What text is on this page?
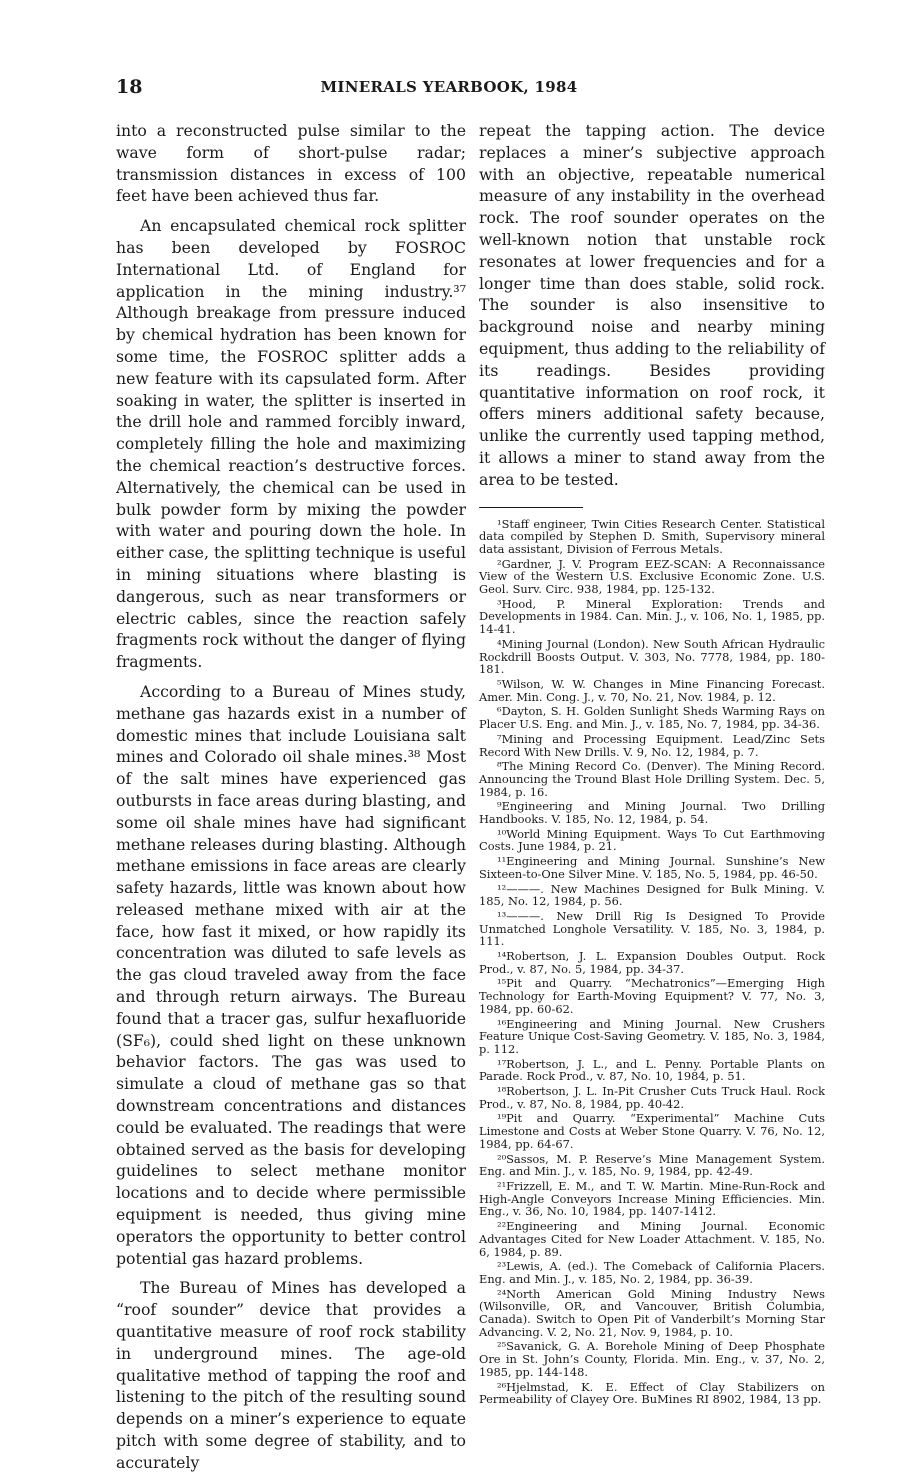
18	MINERALS YEARBOOK, 1984

into a reconstructed pulse similar to the wave form of short-pulse radar; transmission distances in excess of 100 feet have been achieved thus far.

An encapsulated chemical rock splitter has been developed by FOSROC International Ltd. of England for application in the mining industry.³⁷ Although breakage from pressure induced by chemical hydration has been known for some time, the FOSROC splitter adds a new feature with its capsulated form. After soaking in water, the splitter is inserted in the drill hole and rammed forcibly inward, completely filling the hole and maximizing the chemical reaction’s destructive forces. Alternatively, the chemical can be used in bulk powder form by mixing the powder with water and pouring down the hole. In either case, the splitting technique is useful in mining situations where blasting is dangerous, such as near transformers or electric cables, since the reaction safely fragments rock without the danger of flying fragments.

According to a Bureau of Mines study, methane gas hazards exist in a number of domestic mines that include Louisiana salt mines and Colorado oil shale mines.³⁸ Most of the salt mines have experienced gas outbursts in face areas during blasting, and some oil shale mines have had significant methane releases during blasting. Although methane emissions in face areas are clearly safety hazards, little was known about how released methane mixed with air at the face, how fast it mixed, or how rapidly its concentration was diluted to safe levels as the gas cloud traveled away from the face and through return airways. The Bureau found that a tracer gas, sulfur hexafluoride (SF₆), could shed light on these unknown behavior factors. The gas was used to simulate a cloud of methane gas so that downstream concentrations and distances could be evaluated. The readings that were obtained served as the basis for developing guidelines to select methane monitor locations and to decide where permissible equipment is needed, thus giving mine operators the opportunity to better control potential gas hazard problems.

The Bureau of Mines has developed a “roof sounder” device that provides a quantitative measure of roof rock stability in underground mines. The age-old qualitative method of tapping the roof and listening to the pitch of the resulting sound depends on a miner’s experience to equate pitch with some degree of stability, and to accurately

repeat the tapping action. The device replaces a miner’s subjective approach with an objective, repeatable numerical measure of any instability in the overhead rock. The roof sounder operates on the well-known notion that unstable rock resonates at lower frequencies and for a longer time than does stable, solid rock. The sounder is also insensitive to background noise and nearby mining equipment, thus adding to the reliability of its readings. Besides providing quantitative information on roof rock, it offers miners additional safety because, unlike the currently used tapping method, it allows a miner to stand away from the area to be tested.

¹Staff engineer, Twin Cities Research Center. Statistical data compiled by Stephen D. Smith, Supervisory mineral data assistant, Division of Ferrous Metals.

²Gardner, J. V. Program EEZ-SCAN: A Reconnaissance View of the Western U.S. Exclusive Economic Zone. U.S. Geol. Surv. Circ. 938, 1984, pp. 125-132.

³Hood, P. Mineral Exploration: Trends and Developments in 1984. Can. Min. J., v. 106, No. 1, 1985, pp. 14-41.

⁴Mining Journal (London). New South African Hydraulic Rockdrill Boosts Output. V. 303, No. 7778, 1984, pp. 180-181.

⁵Wilson, W. W. Changes in Mine Financing Forecast. Amer. Min. Cong. J., v. 70, No. 21, Nov. 1984, p. 12.

⁶Dayton, S. H. Golden Sunlight Sheds Warming Rays on Placer U.S. Eng. and Min. J., v. 185, No. 7, 1984, pp. 34-36.

⁷Mining and Processing Equipment. Lead/Zinc Sets Record With New Drills. V. 9, No. 12, 1984, p. 7.

⁸The Mining Record Co. (Denver). The Mining Record. Announcing the Tround Blast Hole Drilling System. Dec. 5, 1984, p. 16.

⁹Engineering and Mining Journal. Two Drilling Handbooks. V. 185, No. 12, 1984, p. 54.

¹⁰World Mining Equipment. Ways To Cut Earthmoving Costs. June 1984, p. 21.

¹¹Engineering and Mining Journal. Sunshine’s New Sixteen-to-One Silver Mine. V. 185, No. 5, 1984, pp. 46-50.

¹²———. New Machines Designed for Bulk Mining. V. 185, No. 12, 1984, p. 56.

¹³———. New Drill Rig Is Designed To Provide Unmatched Longhole Versatility. V. 185, No. 3, 1984, p. 111.

¹⁴Robertson, J. L. Expansion Doubles Output. Rock Prod., v. 87, No. 5, 1984, pp. 34-37.

¹⁵Pit and Quarry. “Mechatronics”—Emerging High Technology for Earth-Moving Equipment? V. 77, No. 3, 1984, pp. 60-62.

¹⁶Engineering and Mining Journal. New Crushers Feature Unique Cost-Saving Geometry. V. 185, No. 3, 1984, p. 112.

¹⁷Robertson, J. L., and L. Penny. Portable Plants on Parade. Rock Prod., v. 87, No. 10, 1984, p. 51.

¹⁸Robertson, J. L. In-Pit Crusher Cuts Truck Haul. Rock Prod., v. 87, No. 8, 1984, pp. 40-42.

¹⁹Pit and Quarry. “Experimental” Machine Cuts Limestone and Costs at Weber Stone Quarry. V. 76, No. 12, 1984, pp. 64-67.

²⁰Sassos, M. P. Reserve’s Mine Management System. Eng. and Min. J., v. 185, No. 9, 1984, pp. 42-49.

²¹Frizzell, E. M., and T. W. Martin. Mine-Run-Rock and High-Angle Conveyors Increase Mining Efficiencies. Min. Eng., v. 36, No. 10, 1984, pp. 1407-1412.

²²Engineering and Mining Journal. Economic Advantages Cited for New Loader Attachment. V. 185, No. 6, 1984, p. 89.

²³Lewis, A. (ed.). The Comeback of California Placers. Eng. and Min. J., v. 185, No. 2, 1984, pp. 36-39.

²⁴North American Gold Mining Industry News (Wilsonville, OR, and Vancouver, British Columbia, Canada). Switch to Open Pit of Vanderbilt’s Morning Star Advancing. V. 2, No. 21, Nov. 9, 1984, p. 10.

²⁵Savanick, G. A. Borehole Mining of Deep Phosphate Ore in St. John’s County, Florida. Min. Eng., v. 37, No. 2, 1985, pp. 144-148.

²⁶Hjelmstad, K. E. Effect of Clay Stabilizers on Permeability of Clayey Ore. BuMines RI 8902, 1984, 13 pp.
